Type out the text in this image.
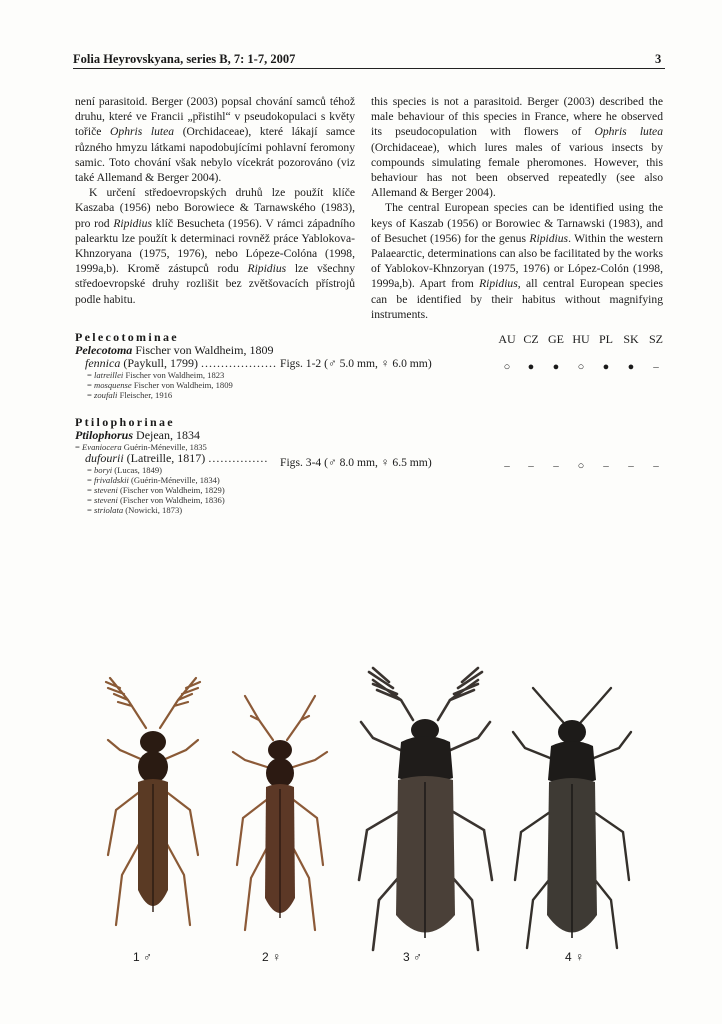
Folia Heyrovskyana, series B, 7: 1-7, 2007	3

není parasitoid. Berger (2003) popsal chování samců téhož druhu, které ve Francii „přistihl“ v pseudokopulaci s květy tořiče Ophris lutea (Orchidaceae), které lákají samce různého hmyzu látkami napodobujícími pohlavní feromony samic. Toto chování však nebylo vícekrát pozorováno (viz také Allemand & Berger 2004).

K určení středoevropských druhů lze použít klíče Kaszaba (1956) nebo Borowiece & Tarnawského (1983), pro rod Ripidius klíč Besucheta (1956). V rámci západního palearktu lze použít k determinaci rovněž práce Yablokova-Khnzoryana (1975, 1976), nebo Lópeze-Colóna (1998, 1999a,b). Kromě zástupců rodu Ripidius lze všechny středoevropské druhy rozlišit bez zvětšovacích přístrojů podle habitu.

this species is not a parasitoid. Berger (2003) described the male behaviour of this species in France, where he observed its pseudocopulation with flowers of Ophris lutea (Orchidaceae), which lures males of various insects by compounds simulating female pheromones. However, this behaviour has not been observed repeatedly (see also Allemand & Berger 2004).

The central European species can be identified using the keys of Kaszab (1956) or Borowiec & Tarnawski (1983), and of Besuchet (1956) for the genus Ripidius. Within the western Palaearctic, determinations can also be facilitated by the works of Yablokov-Khnzoryan (1975, 1976) or López-Colón (1998, 1999a,b). Apart from Ripidius, all central European species can be identified by their habitus without magnifying instruments.

AU CZ GE HU PL SK SZ
Pelecotominae
Pelecotoma Fischer von Waldheim, 1809
fennica (Paykull, 1799) ...................
= latreillei Fischer von Waldheim, 1823
= mosquense Fischer von Waldheim, 1809
= zoufali Fleischer, 1916
Figs. 1-2 (♂ 5.0 mm, ♀ 6.0 mm)	○	●	●	○	●	●	–
Ptilophorinae
Ptilophorus Dejean, 1834
= Evaniocera Guérin-Méneville, 1835
dufourii (Latreille, 1817) ...............
= boryi (Lucas, 1849)
= frivaldskii (Guérin-Méneville, 1834)
= steveni (Fischer von Waldheim, 1829)
= steveni (Fischer von Waldheim, 1836)
= striolata (Nowicki, 1873)
Figs. 3-4 (♂ 8.0 mm, ♀ 6.5 mm)	–	–	–	○	–	–	–
1 ♂	2 ♀	3 ♂	4 ♀
